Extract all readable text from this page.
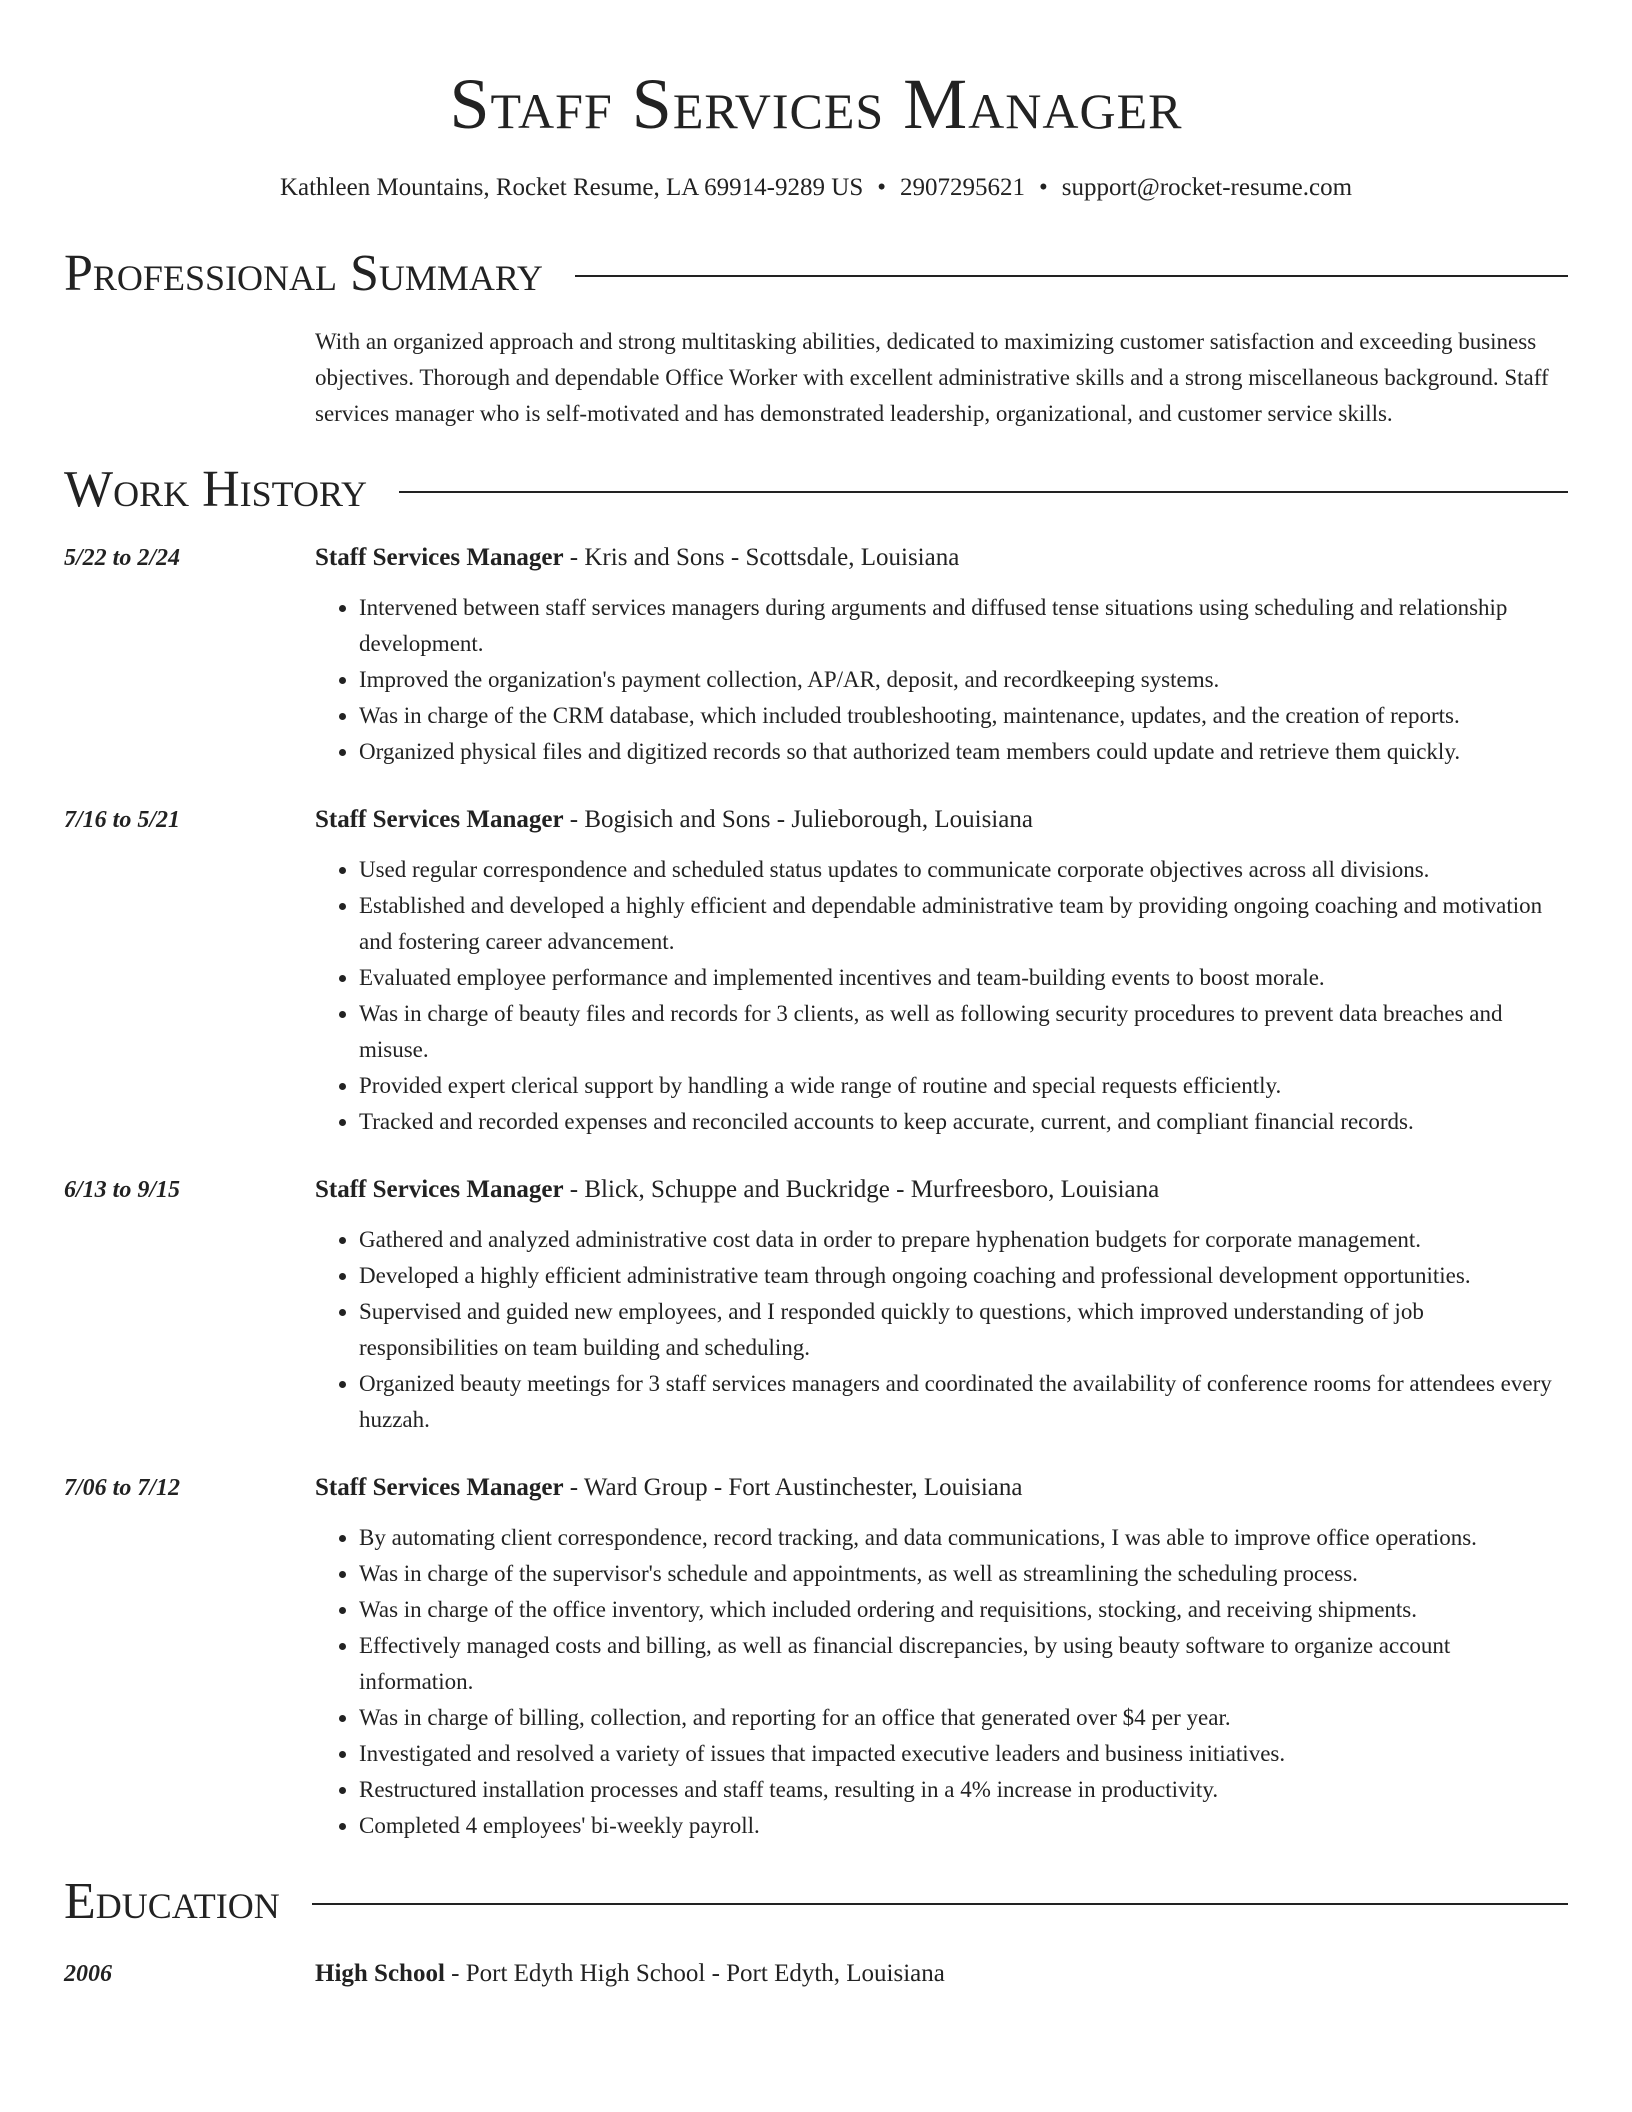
Staff Services Manager
Kathleen Mountains, Rocket Resume, LA 69914-9289 US • 2907295621 • support@rocket-resume.com
Professional Summary
With an organized approach and strong multitasking abilities, dedicated to maximizing customer satisfaction and exceeding business objectives. Thorough and dependable Office Worker with excellent administrative skills and a strong miscellaneous background. Staff services manager who is self-motivated and has demonstrated leadership, organizational, and customer service skills.
Work History
5/22 to 2/24	Staff Services Manager - Kris and Sons - Scottsdale, Louisiana
• Intervened between staff services managers during arguments and diffused tense situations using scheduling and relationship development.
• Improved the organization's payment collection, AP/AR, deposit, and recordkeeping systems.
• Was in charge of the CRM database, which included troubleshooting, maintenance, updates, and the creation of reports.
• Organized physical files and digitized records so that authorized team members could update and retrieve them quickly.
7/16 to 5/21	Staff Services Manager - Bogisich and Sons - Julieborough, Louisiana
• Used regular correspondence and scheduled status updates to communicate corporate objectives across all divisions.
• Established and developed a highly efficient and dependable administrative team by providing ongoing coaching and motivation and fostering career advancement.
• Evaluated employee performance and implemented incentives and team-building events to boost morale.
• Was in charge of beauty files and records for 3 clients, as well as following security procedures to prevent data breaches and misuse.
• Provided expert clerical support by handling a wide range of routine and special requests efficiently.
• Tracked and recorded expenses and reconciled accounts to keep accurate, current, and compliant financial records.
6/13 to 9/15	Staff Services Manager - Blick, Schuppe and Buckridge - Murfreesboro, Louisiana
• Gathered and analyzed administrative cost data in order to prepare hyphenation budgets for corporate management.
• Developed a highly efficient administrative team through ongoing coaching and professional development opportunities.
• Supervised and guided new employees, and I responded quickly to questions, which improved understanding of job responsibilities on team building and scheduling.
• Organized beauty meetings for 3 staff services managers and coordinated the availability of conference rooms for attendees every huzzah.
7/06 to 7/12	Staff Services Manager - Ward Group - Fort Austinchester, Louisiana
• By automating client correspondence, record tracking, and data communications, I was able to improve office operations.
• Was in charge of the supervisor's schedule and appointments, as well as streamlining the scheduling process.
• Was in charge of the office inventory, which included ordering and requisitions, stocking, and receiving shipments.
• Effectively managed costs and billing, as well as financial discrepancies, by using beauty software to organize account information.
• Was in charge of billing, collection, and reporting for an office that generated over $4 per year.
• Investigated and resolved a variety of issues that impacted executive leaders and business initiatives.
• Restructured installation processes and staff teams, resulting in a 4% increase in productivity.
• Completed 4 employees' bi-weekly payroll.
Education
2006	High School - Port Edyth High School - Port Edyth, Louisiana
